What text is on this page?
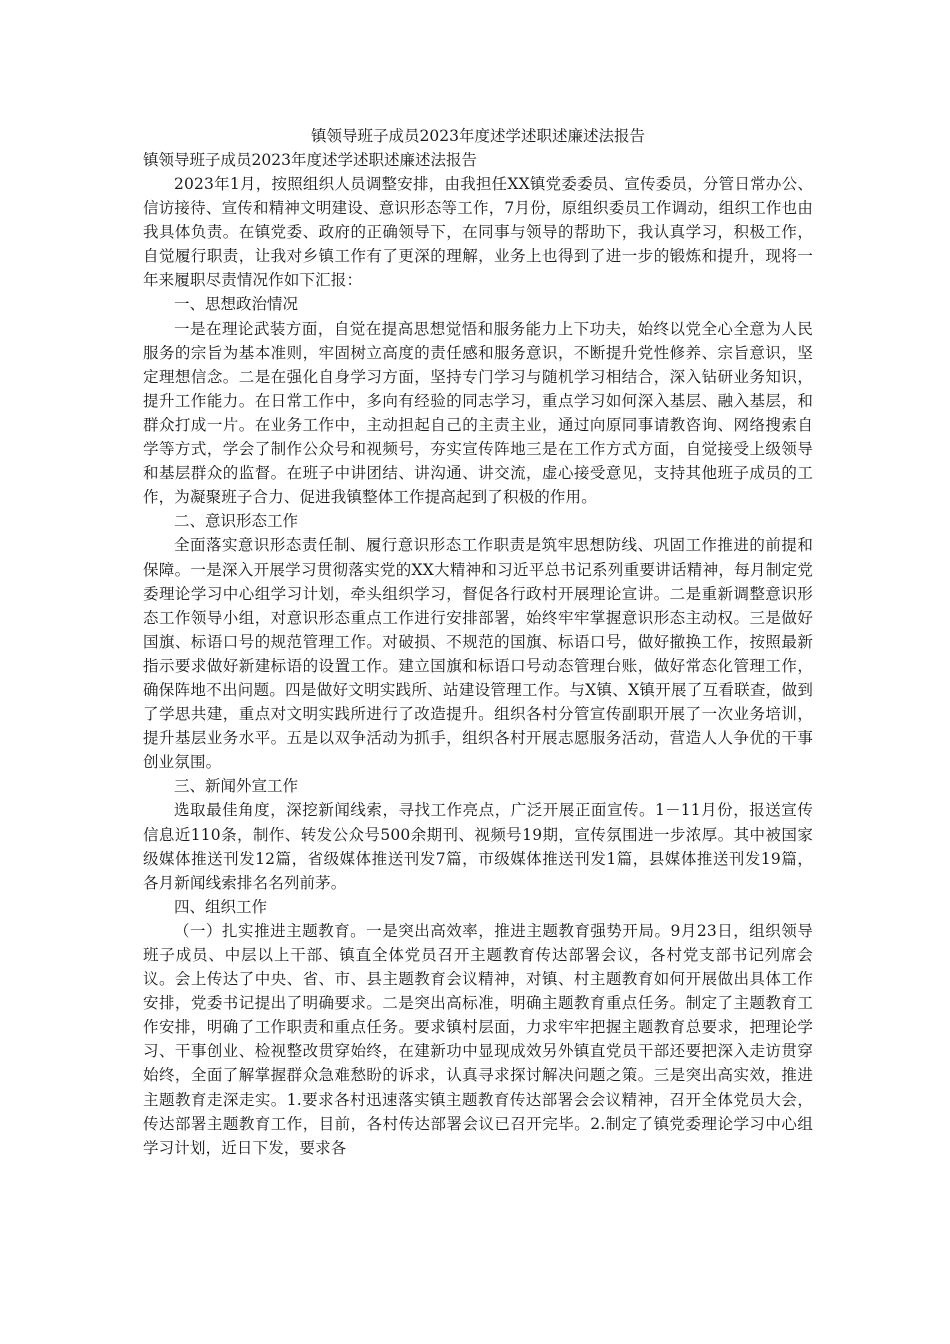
镇领导班子成员2023年度述学述职述廉述法报告

镇领导班子成员2023年度述学述职述廉述法报告

2023年1月，按照组织人员调整安排，由我担任XX镇党委委员、宣传委员，分管日常办公、信访接待、宣传和精神文明建设、意识形态等工作，7月份，原组织委员工作调动，组织工作也由我具体负责。在镇党委、政府的正确领导下，在同事与领导的帮助下，我认真学习，积极工作，自觉履行职责，让我对乡镇工作有了更深的理解，业务上也得到了进一步的锻炼和提升，现将一年来履职尽责情况作如下汇报：

一、思想政治情况

一是在理论武装方面，自觉在提高思想觉悟和服务能力上下功夫，始终以党全心全意为人民服务的宗旨为基本准则，牢固树立高度的责任感和服务意识，不断提升党性修养、宗旨意识，坚定理想信念。二是在强化自身学习方面，坚持专门学习与随机学习相结合，深入钻研业务知识，提升工作能力。在日常工作中，多向有经验的同志学习，重点学习如何深入基层、融入基层，和群众打成一片。在业务工作中，主动担起自己的主责主业，通过向原同事请教咨询、网络搜索自学等方式，学会了制作公众号和视频号，夯实宣传阵地三是在工作方式方面，自觉接受上级领导和基层群众的监督。在班子中讲团结、讲沟通、讲交流，虚心接受意见，支持其他班子成员的工作，为凝聚班子合力、促进我镇整体工作提高起到了积极的作用。

二、意识形态工作

全面落实意识形态责任制、履行意识形态工作职责是筑牢思想防线、巩固工作推进的前提和保障。一是深入开展学习贯彻落实党的XX大精神和习近平总书记系列重要讲话精神，每月制定党委理论学习中心组学习计划，牵头组织学习，督促各行政村开展理论宣讲。二是重新调整意识形态工作领导小组，对意识形态重点工作进行安排部署，始终牢牢掌握意识形态主动权。三是做好国旗、标语口号的规范管理工作。对破损、不规范的国旗、标语口号，做好撤换工作，按照最新指示要求做好新建标语的设置工作。建立国旗和标语口号动态管理台账，做好常态化管理工作，确保阵地不出问题。四是做好文明实践所、站建设管理工作。与X镇、X镇开展了互看联查，做到了学思共建，重点对文明实践所进行了改造提升。组织各村分管宣传副职开展了一次业务培训，提升基层业务水平。五是以双争活动为抓手，组织各村开展志愿服务活动，营造人人争优的干事创业氛围。

三、新闻外宣工作

选取最佳角度，深挖新闻线索，寻找工作亮点，广泛开展正面宣传。1－11月份，报送宣传信息近110条，制作、转发公众号500余期刊、视频号19期，宣传氛围进一步浓厚。其中被国家级媒体推送刊发12篇，省级媒体推送刊发7篇，市级媒体推送刊发1篇，县媒体推送刊发19篇，各月新闻线索排名名列前茅。

四、组织工作

（一）扎实推进主题教育。一是突出高效率，推进主题教育强势开局。9月23日，组织领导班子成员、中层以上干部、镇直全体党员召开主题教育传达部署会议，各村党支部书记列席会议。会上传达了中央、省、市、县主题教育会议精神，对镇、村主题教育如何开展做出具体工作安排，党委书记提出了明确要求。二是突出高标准，明确主题教育重点任务。制定了主题教育工作安排，明确了工作职责和重点任务。要求镇村层面，力求牢牢把握主题教育总要求，把理论学习、干事创业、检视整改贯穿始终，在建新功中显现成效另外镇直党员干部还要把深入走访贯穿始终，全面了解掌握群众急难愁盼的诉求，认真寻求探讨解决问题之策。三是突出高实效，推进主题教育走深走实。1.要求各村迅速落实镇主题教育传达部署会会议精神，召开全体党员大会，传达部署主题教育工作，目前，各村传达部署会议已召开完毕。2.制定了镇党委理论学习中心组学习计划，近日下发，要求各
